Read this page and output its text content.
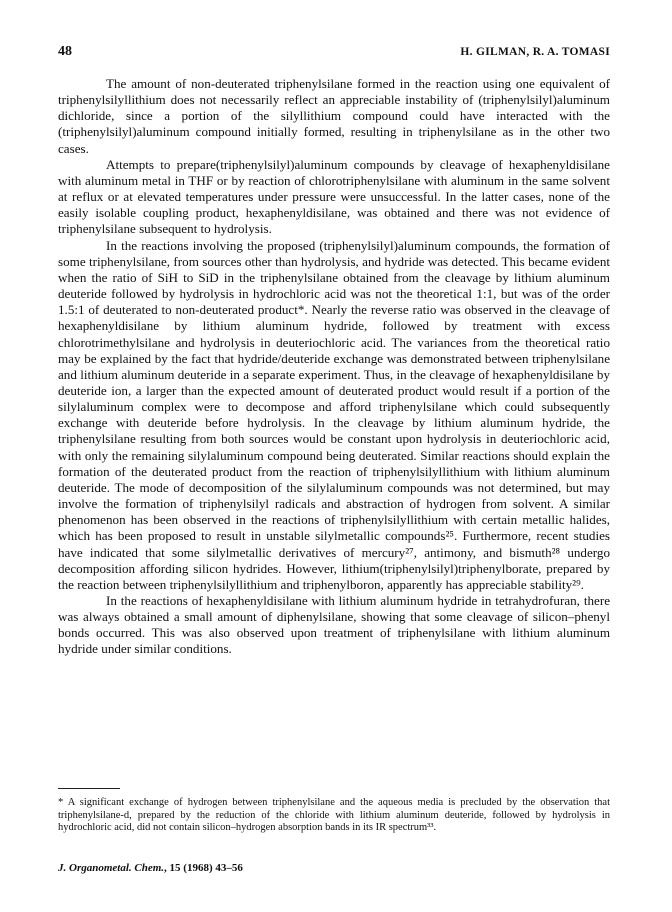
48	H. GILMAN, R. A. TOMASI

The amount of non-deuterated triphenylsilane formed in the reaction using one equivalent of triphenylsilyllithium does not necessarily reflect an appreciable instability of (triphenylsilyl)aluminum dichloride, since a portion of the silyllithium compound could have interacted with the (triphenylsilyl)aluminum compound initially formed, resulting in triphenylsilane as in the other two cases.

Attempts to prepare(triphenylsilyl)aluminum compounds by cleavage of hexaphenyldisilane with aluminum metal in THF or by reaction of chlorotriphenylsilane with aluminum in the same solvent at reflux or at elevated temperatures under pressure were unsuccessful. In the latter cases, none of the easily isolable coupling product, hexaphenyldisilane, was obtained and there was not evidence of triphenylsilane subsequent to hydrolysis.

In the reactions involving the proposed (triphenylsilyl)aluminum compounds, the formation of some triphenylsilane, from sources other than hydrolysis, and hydride was detected. This became evident when the ratio of SiH to SiD in the triphenylsilane obtained from the cleavage by lithium aluminum deuteride followed by hydrolysis in hydrochloric acid was not the theoretical 1:1, but was of the order 1.5:1 of deuterated to non-deuterated product*. Nearly the reverse ratio was observed in the cleavage of hexaphenyldisilane by lithium aluminum hydride, followed by treatment with excess chlorotrimethylsilane and hydrolysis in deuteriochloric acid. The variances from the theoretical ratio may be explained by the fact that hydride/deuteride exchange was demonstrated between triphenylsilane and lithium aluminum deuteride in a separate experiment. Thus, in the cleavage of hexaphenyldisilane by deuteride ion, a larger than the expected amount of deuterated product would result if a portion of the silylaluminum complex were to decompose and afford triphenylsilane which could subsequently exchange with deuteride before hydrolysis. In the cleavage by lithium aluminum hydride, the triphenylsilane resulting from both sources would be constant upon hydrolysis in deuteriochloric acid, with only the remaining silylaluminum compound being deuterated. Similar reactions should explain the formation of the deuterated product from the reaction of triphenylsilyllithium with lithium aluminum deuteride. The mode of decomposition of the silylaluminum compounds was not determined, but may involve the formation of triphenylsilyl radicals and abstraction of hydrogen from solvent. A similar phenomenon has been observed in the reactions of triphenylsilyllithium with certain metallic halides, which has been proposed to result in unstable silylmetallic compounds²⁵. Furthermore, recent studies have indicated that some silylmetallic derivatives of mercury²⁷, antimony, and bismuth²⁸ undergo decomposition affording silicon hydrides. However, lithium(triphenylsilyl)triphenylborate, prepared by the reaction between triphenylsilyllithium and triphenylboron, apparently has appreciable stability²⁹.

In the reactions of hexaphenyldisilane with lithium aluminum hydride in tetrahydrofuran, there was always obtained a small amount of diphenylsilane, showing that some cleavage of silicon–phenyl bonds occurred. This was also observed upon treatment of triphenylsilane with lithium aluminum hydride under similar conditions.

* A significant exchange of hydrogen between triphenylsilane and the aqueous media is precluded by the observation that triphenylsilane-d, prepared by the reduction of the chloride with lithium aluminum deuteride, followed by hydrolysis in hydrochloric acid, did not contain silicon–hydrogen absorption bands in its IR spectrum³³.
J. Organometal. Chem., 15 (1968) 43–56
